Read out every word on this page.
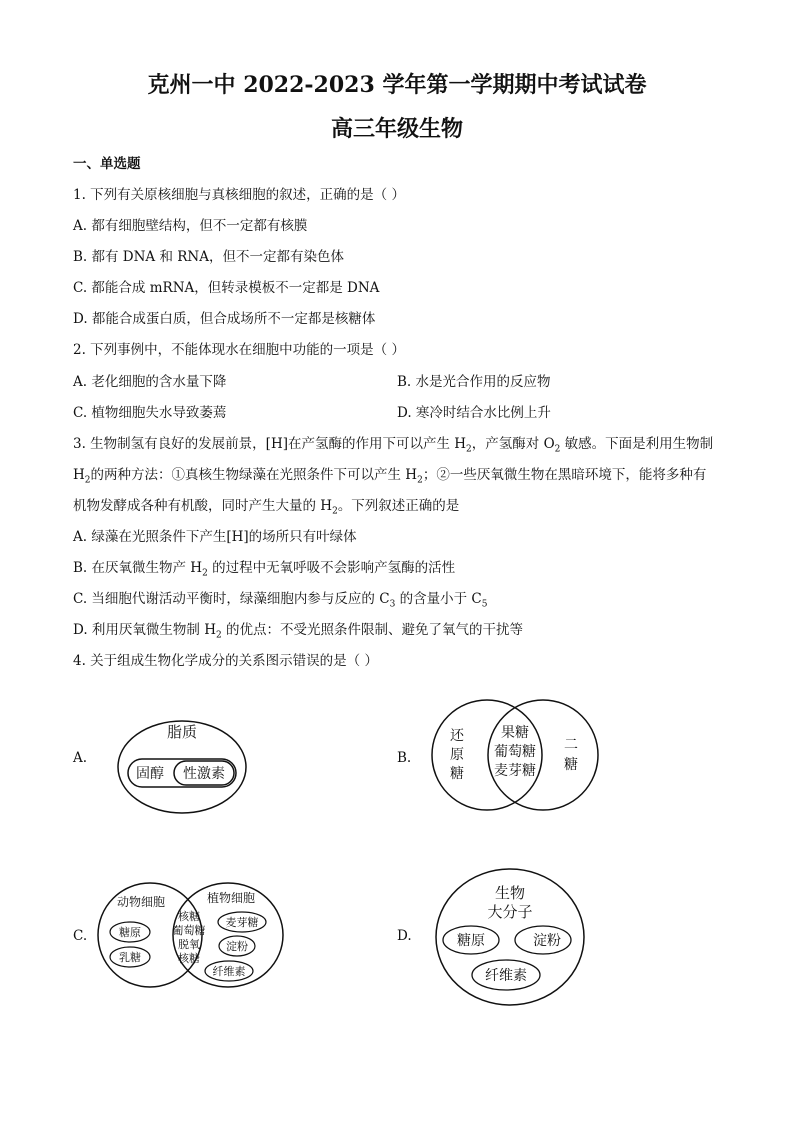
克州一中 2022-2023 学年第一学期期中考试试卷
高三年级生物
一、单选题
1. 下列有关原核细胞与真核细胞的叙述，正确的是（ ）
A. 都有细胞壁结构，但不一定都有核膜
B. 都有 DNA 和 RNA，但不一定都有染色体
C. 都能合成 mRNA，但转录模板不一定都是 DNA
D. 都能合成蛋白质，但合成场所不一定都是核糖体
2. 下列事例中，不能体现水在细胞中功能的一项是（ ）
A. 老化细胞的含水量下降	B. 水是光合作用的反应物
C. 植物细胞失水导致萎蔫	D. 寒冷时结合水比例上升
3. 生物制氢有良好的发展前景，[H]在产氢酶的作用下可以产生 $H_2$，产氢酶对 $O_2$ 敏感。下面是利用生物制
$H_2$的两种方法：①真核生物绿藻在光照条件下可以产生 $H_2$；②一些厌氧微生物在黑暗环境下，能将多种有
机物发酵成各种有机酸，同时产生大量的 $H_2$。下列叙述正确的是
A. 绿藻在光照条件下产生[H]的场所只有叶绿体
B. 在厌氧微生物产 $H_2$ 的过程中无氧呼吸不会影响产氢酶的活性
C. 当细胞代谢活动平衡时，绿藻细胞内参与反应的 $C_3$ 的含量小于 $C_5$
D. 利用厌氧微生物制 $H_2$ 的优点：不受光照条件限制、避免了氧气的干扰等
4. 关于组成生物化学成分的关系图示错误的是（ ）
A.	B.
C.	D.
脂质
固醇 性激素
还
原
糖
果糖
葡萄糖
麦芽糖
二
糖
动物细胞	植物细胞
糖原
乳糖
核糖
葡萄糖
脱氧
核糖
麦芽糖
淀粉
纤维素
生物
大分子
糖原	淀粉
纤维素
